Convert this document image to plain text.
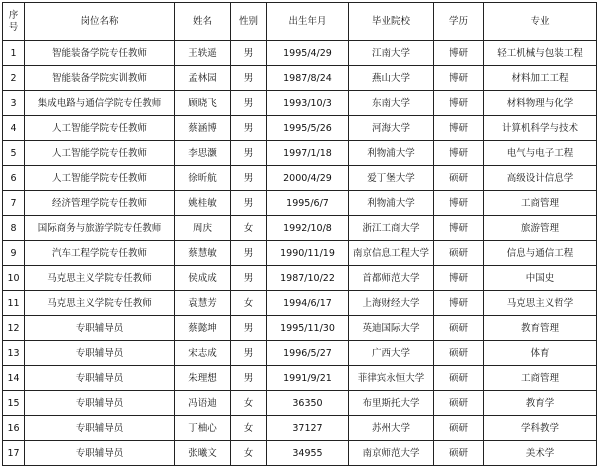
序
号	岗位名称	姓名	性别	出生年月	毕业院校	学历	专业
1	智能装备学院专任教师	王轶遥	男	1995/4/29	江南大学	博研	轻工机械与包装工程
2	智能装备学院实训教师	孟林园	男	1987/8/24	燕山大学	博研	材料加工工程
3	集成电路与通信学院专任教师	顾晓飞	男	1993/10/3	东南大学	博研	材料物理与化学
4	人工智能学院专任教师	蔡涵博	男	1995/5/26	河海大学	博研	计算机科学与技术
5	人工智能学院专任教师	李思灏	男	1997/1/18	利物浦大学	博研	电气与电子工程
6	人工智能学院专任教师	徐昕航	男	2000/4/29	爱丁堡大学	硕研	高级设计信息学
7	经济管理学院专任教师	姚桂敏	男	1995/6/7	利物浦大学	博研	工商管理
8	国际商务与旅游学院专任教师	周庆	女	1992/10/8	浙江工商大学	博研	旅游管理
9	汽车工程学院专任教师	蔡慧敏	男	1990/11/19	南京信息工程大学	硕研	信息与通信工程
10	马克思主义学院专任教师	侯成成	男	1987/10/22	首都师范大学	博研	中国史
11	马克思主义学院专任教师	袁慧芳	女	1994/6/17	上海财经大学	博研	马克思主义哲学
12	专职辅导员	蔡懿坤	男	1995/11/30	英迪国际大学	硕研	教育管理
13	专职辅导员	宋志成	男	1996/5/27	广西大学	硕研	体育
14	专职辅导员	朱理想	男	1991/9/21	菲律宾永恒大学	硕研	工商管理
15	专职辅导员	冯语迪	女	36350	布里斯托大学	硕研	教育学
16	专职辅导员	丁柚心	女	37127	苏州大学	硕研	学科教学
17	专职辅导员	张曦文	女	34955	南京师范大学	硕研	美术学
